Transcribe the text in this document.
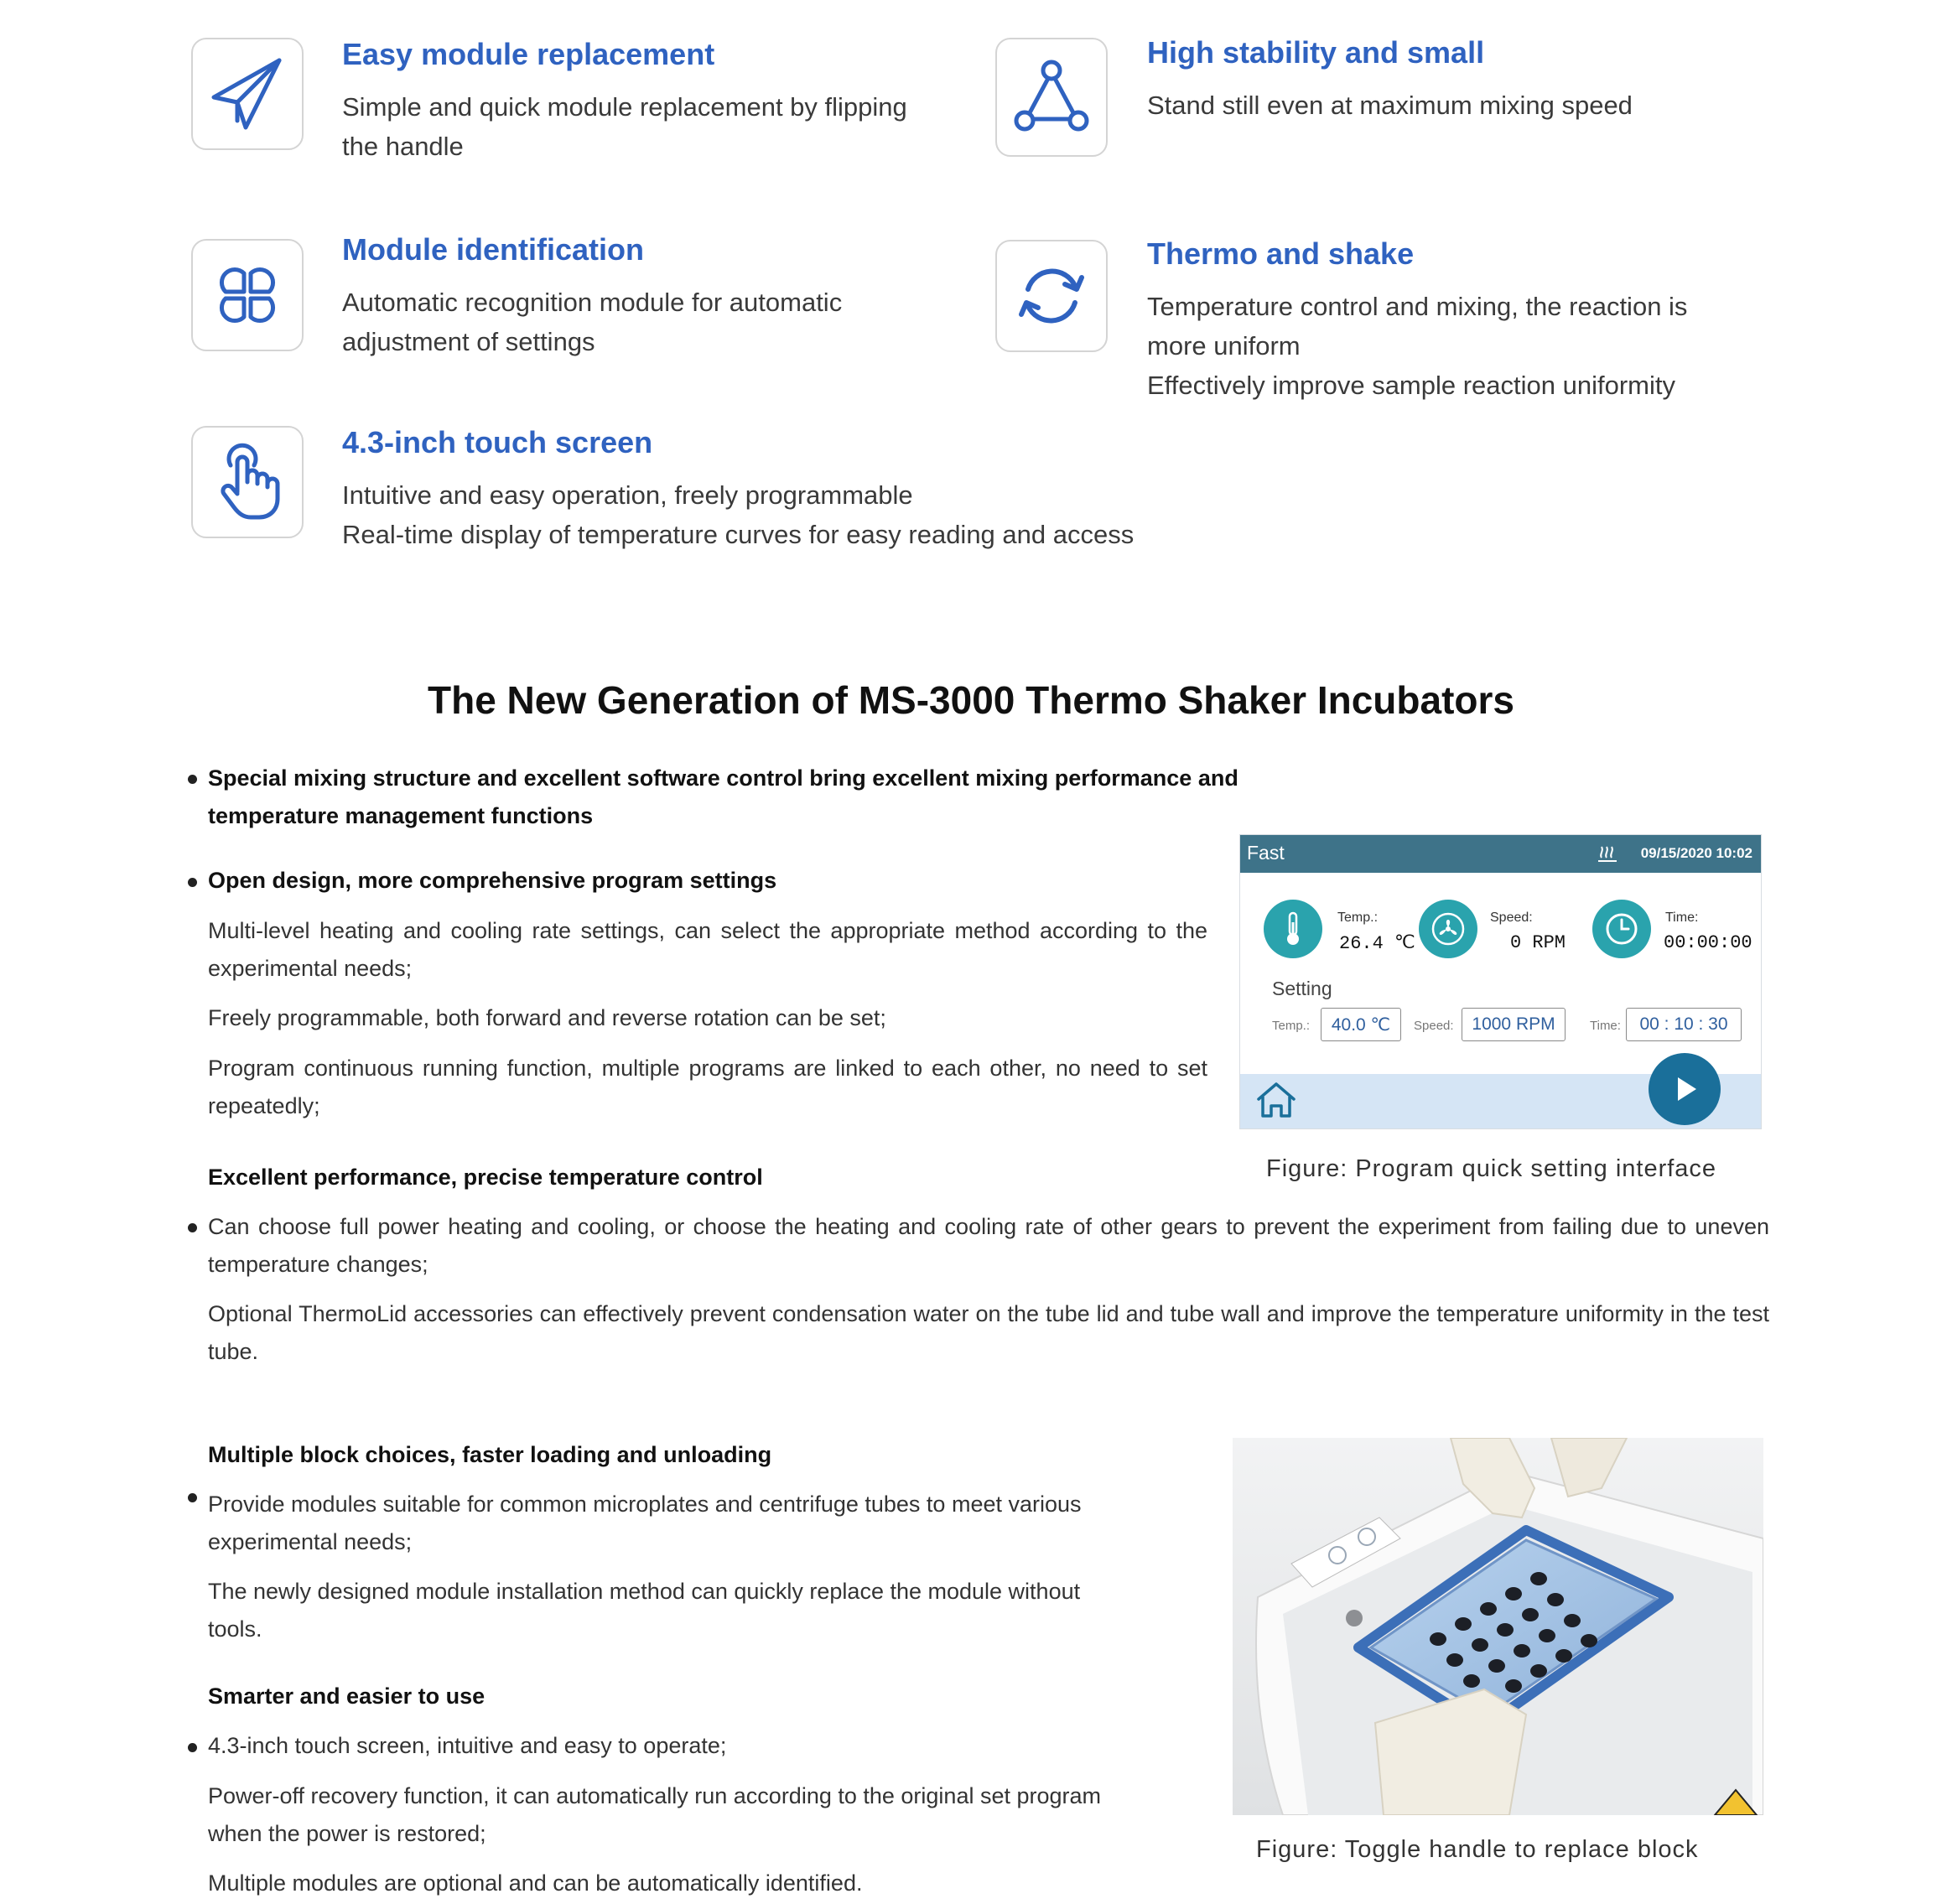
Easy module replacement
Simple and quick module replacement by flipping
the handle
High stability and small
Stand still even at maximum mixing speed
Module identification
Automatic recognition module for automatic
adjustment of settings
Thermo and shake
Temperature control and mixing, the reaction is
more uniform
Effectively improve sample reaction uniformity
4.3-inch touch screen
Intuitive and easy operation, freely programmable
Real-time display of temperature curves for easy reading and access
The New Generation of MS-3000 Thermo Shaker Incubators
Special mixing structure and excellent software control bring excellent mixing performance and temperature management functions
Open design, more comprehensive program settings
Multi-level heating and cooling rate settings, can select the appropriate method according to the experimental needs;
Freely programmable, both forward and reverse rotation can be set;
Program continuous running function, multiple programs are linked to each other, no need to set repeatedly;
Fast	09/15/2020 10:02
Temp.:
26.4 ℃
Speed:
0 RPM
Time:
00:00:00
Setting
Temp.:	40.0 ℃	Speed:	1000 RPM	Time:	00 : 10 : 30
Figure: Program quick setting interface
Excellent performance, precise temperature control
Can choose full power heating and cooling, or choose the heating and cooling rate of other gears to prevent the experiment from failing due to uneven temperature changes;
Optional ThermoLid accessories can effectively prevent condensation water on the tube lid and tube wall and improve the temperature uniformity in the test tube.
Multiple block choices, faster loading and unloading
Provide modules suitable for common microplates and centrifuge tubes to meet various experimental needs;
The newly designed module installation method can quickly replace the module without tools.
Smarter and easier to use
4.3-inch touch screen, intuitive and easy to operate;
Power-off recovery function, it can automatically run according to the original set program when the power is restored;
Multiple modules are optional and can be automatically identified.
Figure: Toggle handle to replace block
